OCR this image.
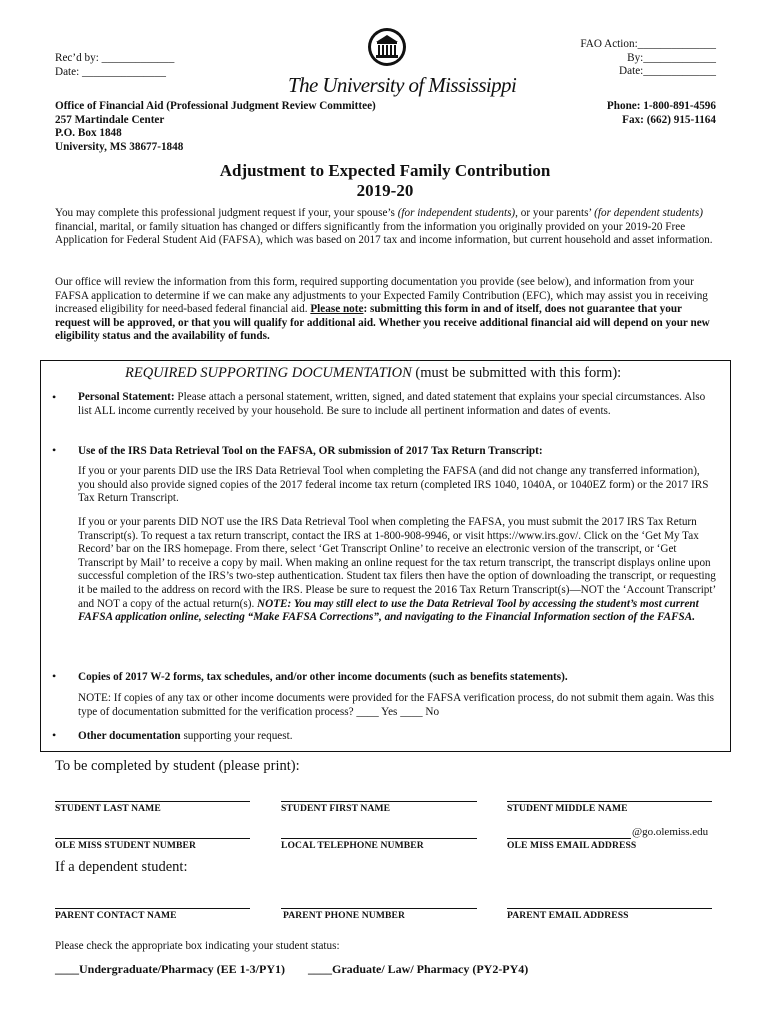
FAO Action:______________
By:_____________
Date:_____________
Rec’d by: _____________
Date: _______________
The University of Mississippi
Office of Financial Aid (Professional Judgment Review Committee)
257 Martindale Center
P.O. Box 1848
University, MS 38677-1848
Phone: 1-800-891-4596
Fax: (662) 915-1164
Adjustment to Expected Family Contribution
2019-20
You may complete this professional judgment request if your, your spouse’s (for independent students), or your parents’ (for dependent students) financial, marital, or family situation has changed or differs significantly from the information you originally provided on your 2019-20 Free Application for Federal Student Aid (FAFSA), which was based on 2017 tax and income information, but current household and asset information.
Our office will review the information from this form, required supporting documentation you provide (see below), and information from your FAFSA application to determine if we can make any adjustments to your Expected Family Contribution (EFC), which may assist you in receiving increased eligibility for need-based federal financial aid. Please note: submitting this form in and of itself, does not guarantee that your request will be approved, or that you will qualify for additional aid. Whether you receive additional financial aid will depend on your new eligibility status and the availability of funds.
REQUIRED SUPPORTING DOCUMENTATION (must be submitted with this form):
• Personal Statement: Please attach a personal statement, written, signed, and dated statement that explains your special circumstances. Also list ALL income currently received by your household. Be sure to include all pertinent information and dates of events.
• Use of the IRS Data Retrieval Tool on the FAFSA, OR submission of 2017 Tax Return Transcript:
If you or your parents DID use the IRS Data Retrieval Tool when completing the FAFSA (and did not change any transferred information), you should also provide signed copies of the 2017 federal income tax return (completed IRS 1040, 1040A, or 1040EZ form) or the 2017 IRS Tax Return Transcript.
If you or your parents DID NOT use the IRS Data Retrieval Tool when completing the FAFSA, you must submit the 2017 IRS Tax Return Transcript(s). To request a tax return transcript, contact the IRS at 1-800-908-9946, or visit https://www.irs.gov/. Click on the ‘Get My Tax Record’ bar on the IRS homepage. From there, select ‘Get Transcript Online’ to receive an electronic version of the transcript, or ‘Get Transcript by Mail’ to receive a copy by mail. When making an online request for the tax return transcript, the transcript displays online upon successful completion of the IRS’s two-step authentication. Student tax filers then have the option of downloading the transcript, or requesting it be mailed to the address on record with the IRS. Please be sure to request the 2016 Tax Return Transcript(s)—NOT the ‘Account Transcript’ and NOT a copy of the actual return(s). NOTE: You may still elect to use the Data Retrieval Tool by accessing the student’s most current FAFSA application online, selecting “Make FAFSA Corrections”, and navigating to the Financial Information section of the FAFSA.
• Copies of 2017 W-2 forms, tax schedules, and/or other income documents (such as benefits statements).
NOTE: If copies of any tax or other income documents were provided for the FAFSA verification process, do not submit them again. Was this type of documentation submitted for the verification process? ____ Yes ____ No
• Other documentation supporting your request.
To be completed by student (please print):
STUDENT LAST NAME	STUDENT FIRST NAME	STUDENT MIDDLE NAME
@go.olemiss.edu
OLE MISS STUDENT NUMBER	LOCAL TELEPHONE NUMBER	OLE MISS EMAIL ADDRESS
If a dependent student:
PARENT CONTACT NAME	PARENT PHONE NUMBER	PARENT EMAIL ADDRESS
Please check the appropriate box indicating your student status:
____Undergraduate/Pharmacy (EE 1-3/PY1) ____Graduate/ Law/ Pharmacy (PY2-PY4)
